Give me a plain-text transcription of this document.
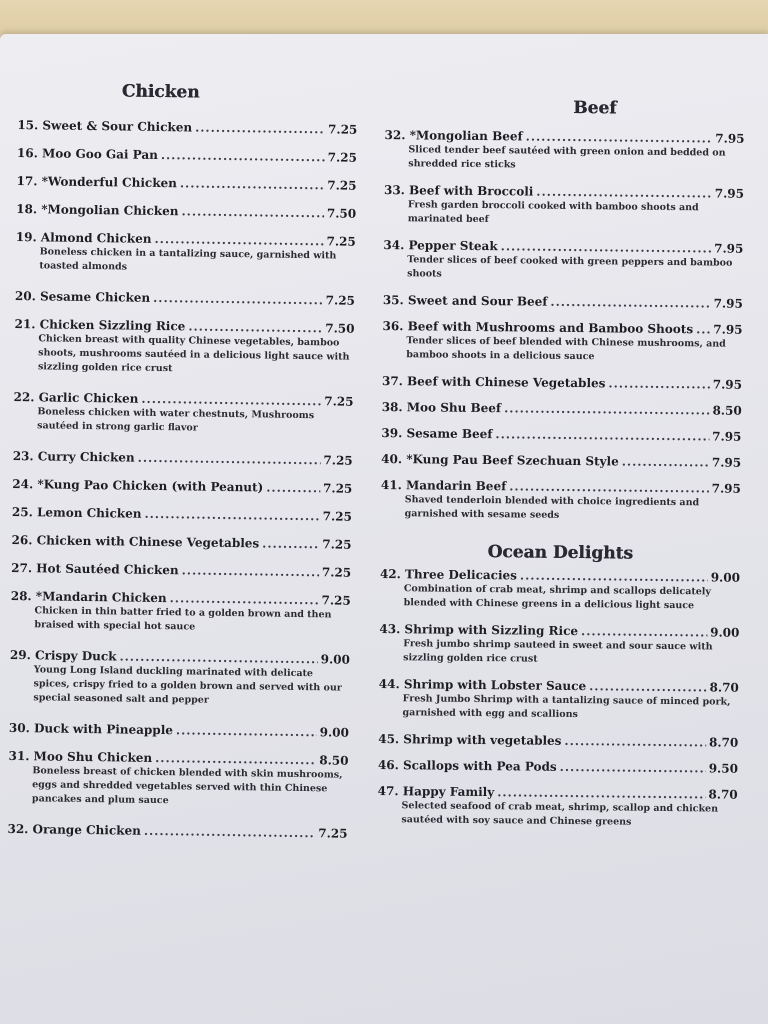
Chicken
15. Sweet & Sour Chicken .....	7.25
16. Moo Goo Gai Pan .....	7.25
17. *Wonderful Chicken .....	7.25
18. *Mongolian Chicken .....	7.50
19. Almond Chicken .....	7.25
Boneless chicken in a tantalizing sauce, garnished with toasted almonds
20. Sesame Chicken .....	7.25
21. Chicken Sizzling Rice .....	7.50
Chicken breast with quality Chinese vegetables, bamboo shoots, mushrooms sautéed in a delicious light sauce with sizzling golden rice crust
22. Garlic Chicken .....	7.25
Boneless chicken with water chestnuts, Mushrooms sautéed in strong garlic flavor
23. Curry Chicken .....	7.25
24. *Kung Pao Chicken (with Peanut) .....	7.25
25. Lemon Chicken .....	7.25
26. Chicken with Chinese Vegetables .....	7.25
27. Hot Sautéed Chicken .....	7.25
28. *Mandarin Chicken .....	7.25
Chicken in thin batter fried to a golden brown and then braised with special hot sauce
29. Crispy Duck .....	9.00
Young Long Island duckling marinated with delicate spices, crispy fried to a golden brown and served with our special seasoned salt and pepper
30. Duck with Pineapple .....	9.00
31. Moo Shu Chicken .....	8.50
Boneless breast of chicken blended with skin mushrooms, eggs and shredded vegetables served with thin Chinese pancakes and plum sauce
32. Orange Chicken .....	7.25
Beef
32. *Mongolian Beef .....	7.95
Sliced tender beef sautéed with green onion and bedded on shredded rice sticks
33. Beef with Broccoli .....	7.95
Fresh garden broccoli cooked with bamboo shoots and marinated beef
34. Pepper Steak .....	7.95
Tender slices of beef cooked with green peppers and bamboo shoots
35. Sweet and Sour Beef .....	7.95
36. Beef with Mushrooms and Bamboo Shoots ..... 7.95
Tender slices of beef blended with Chinese mushrooms, and bamboo shoots in a delicious sauce
37. Beef with Chinese Vegetables .....	7.95
38. Moo Shu Beef .....	8.50
39. Sesame Beef .....	7.95
40. *Kung Pau Beef Szechuan Style .....	7.95
41. Mandarin Beef .....	7.95
Shaved tenderloin blended with choice ingredients and garnished with sesame seeds
Ocean Delights
42. Three Delicacies .....	9.00
Combination of crab meat, shrimp and scallops delicately blended with Chinese greens in a delicious light sauce
43. Shrimp with Sizzling Rice .....	9.00
Fresh jumbo shrimp sauteed in sweet and sour sauce with sizzling golden rice crust
44. Shrimp with Lobster Sauce .....	8.70
Fresh Jumbo Shrimp with a tantalizing sauce of minced pork, garnished with egg and scallions
45. Shrimp with vegetables .....	8.70
46. Scallops with Pea Pods .....	9.50
47. Happy Family .....	8.70
Selected seafood of crab meat, shrimp, scallop and chicken sautéed with soy sauce and Chinese greens
